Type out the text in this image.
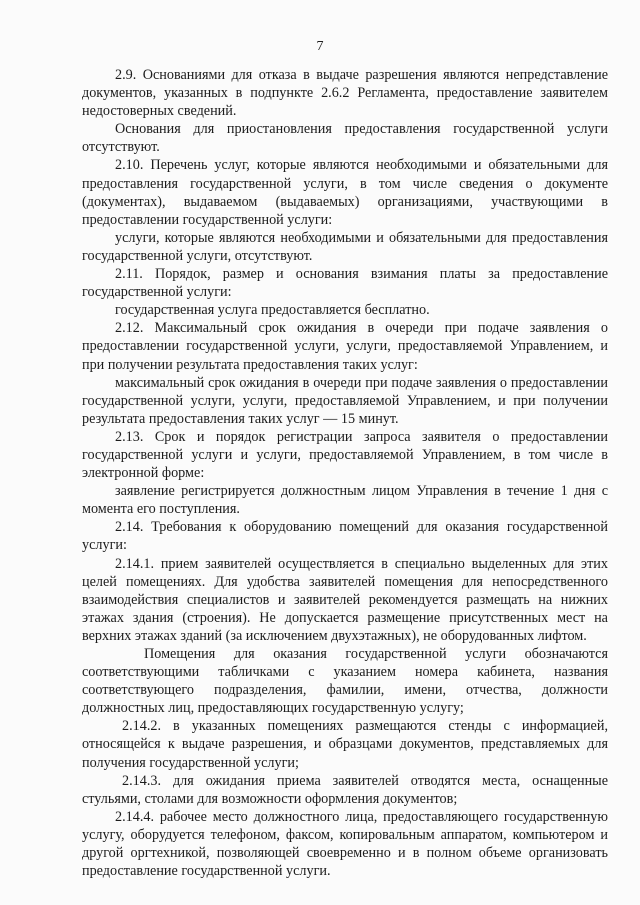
7

2.9. Основаниями для отказа в выдаче разрешения являются непредставление документов, указанных в подпункте 2.6.2 Регламента, предоставление заявителем недостоверных сведений.

Основания для приостановления предоставления государственной услуги отсутствуют.

2.10. Перечень услуг, которые являются необходимыми и обязательными для предоставления государственной услуги, в том числе сведения о документе (документах), выдаваемом (выдаваемых) организациями, участвующими в предоставлении государственной услуги:

услуги, которые являются необходимыми и обязательными для предоставления государственной услуги, отсутствуют.

2.11. Порядок, размер и основания взимания платы за предоставление государственной услуги:

государственная услуга предоставляется бесплатно.

2.12. Максимальный срок ожидания в очереди при подаче заявления о предоставлении государственной услуги, услуги, предоставляемой Управлением, и при получении результата предоставления таких услуг:

максимальный срок ожидания в очереди при подаче заявления о предоставлении государственной услуги, услуги, предоставляемой Управлением, и при получении результата предоставления таких услуг — 15 минут.

2.13. Срок и порядок регистрации запроса заявителя о предоставлении государственной услуги и услуги, предоставляемой Управлением, в том числе в электронной форме:

заявление регистрируется должностным лицом Управления в течение 1 дня с момента его поступления.

2.14. Требования к оборудованию помещений для оказания государственной услуги:

2.14.1. прием заявителей осуществляется в специально выделенных для этих целей помещениях. Для удобства заявителей помещения для непосредственного взаимодействия специалистов и заявителей рекомендуется размещать на нижних этажах здания (строения). Не допускается размещение присутственных мест на верхних этажах зданий (за исключением двухэтажных), не оборудованных лифтом.

Помещения для оказания государственной услуги обозначаются соответствующими табличками с указанием номера кабинета, названия соответствующего подразделения, фамилии, имени, отчества, должности должностных лиц, предоставляющих государственную услугу;

2.14.2. в указанных помещениях размещаются стенды с информацией, относящейся к выдаче разрешения, и образцами документов, представляемых для получения государственной услуги;

2.14.3. для ожидания приема заявителей отводятся места, оснащенные стульями, столами для возможности оформления документов;

2.14.4. рабочее место должностного лица, предоставляющего государственную услугу, оборудуется телефоном, факсом, копировальным аппаратом, компьютером и другой оргтехникой, позволяющей своевременно и в полном объеме организовать предоставление государственной услуги.
